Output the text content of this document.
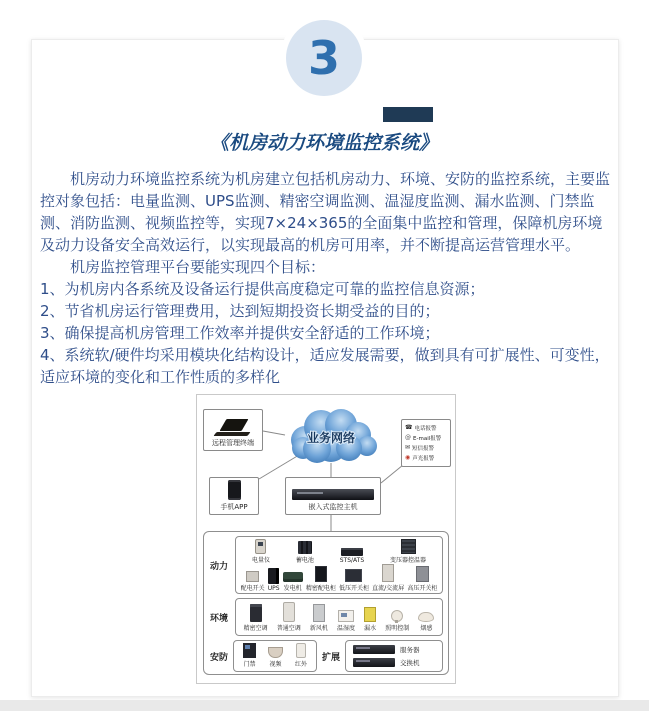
3
《机房动力环境监控系统》

机房动力环境监控系统为机房建立包括机房动力、环境、安防的监控系统，主要监控对象包括：电量监测、UPS监测、精密空调监测、温湿度监测、漏水监测、门禁监测、消防监测、视频监控等，实现7×24×365的全面集中监控和管理，保障机房环境及动力设备安全高效运行，以实现最高的机房可用率，并不断提高运营管理水平。

机房监控管理平台要能实现四个目标：

1、为机房内各系统及设备运行提供高度稳定可靠的监控信息资源；

2、节省机房运行管理费用，达到短期投资长期受益的目的；

3、确保提高机房管理工作效率并提供安全舒适的工作环境；

4、系统软/硬件均采用模块化结构设计，适应发展需要，做到具有可扩展性、可变性，适应环境的变化和工作性质的多样化

远程管理终端	业务网络
☎ 电话报警
@ E-mail报警
✉ 短信报警
◉ 声光报警
手机APP	嵌入式监控主机
动力
电量仪	蓄电池	STS/ATS	变压器控温器
配电开关 UPS 发电机 精密配电柜 低压开关柜 直流/交流屏 高压开关柜
环境
精密空调 普通空调 新风机 温湿度 漏水 照明控制 烟感
安防
门禁 视频 红外
扩展
服务器
交换机
